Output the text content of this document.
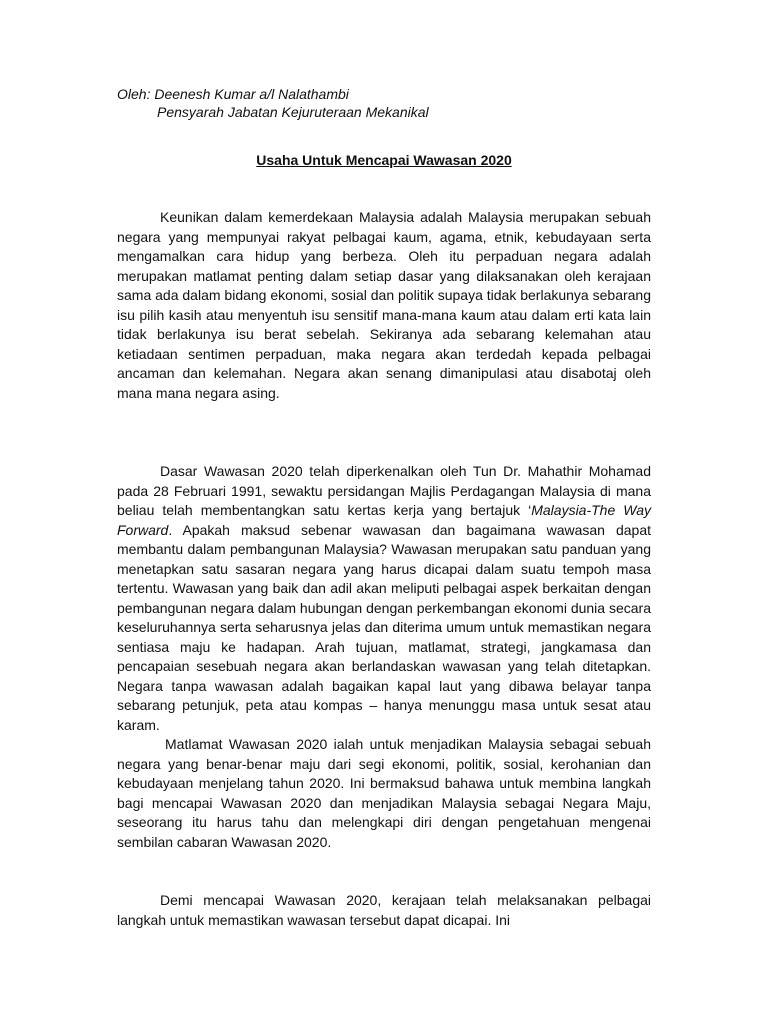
Oleh: Deenesh Kumar a/l Nalathambi
Pensyarah Jabatan Kejuruteraan Mekanikal
Usaha Untuk Mencapai Wawasan 2020

Keunikan dalam kemerdekaan Malaysia adalah Malaysia merupakan sebuah negara yang mempunyai rakyat pelbagai kaum, agama, etnik, kebudayaan serta mengamalkan cara hidup yang berbeza. Oleh itu perpaduan negara adalah merupakan matlamat penting dalam setiap dasar yang dilaksanakan oleh kerajaan sama ada dalam bidang ekonomi, sosial dan politik supaya tidak berlakunya sebarang isu pilih kasih atau menyentuh isu sensitif mana-mana kaum atau dalam erti kata lain tidak berlakunya isu berat sebelah. Sekiranya ada sebarang kelemahan atau ketiadaan sentimen perpaduan, maka negara akan terdedah kepada pelbagai ancaman dan kelemahan. Negara akan senang dimanipulasi atau disabotaj oleh mana mana negara asing.

Dasar Wawasan 2020 telah diperkenalkan oleh Tun Dr. Mahathir Mohamad pada 28 Februari 1991, sewaktu persidangan Majlis Perdagangan Malaysia di mana beliau telah membentangkan satu kertas kerja yang bertajuk ‘Malaysia-The Way Forward. Apakah maksud sebenar wawasan dan bagaimana wawasan dapat membantu dalam pembangunan Malaysia? Wawasan merupakan satu panduan yang menetapkan satu sasaran negara yang harus dicapai dalam suatu tempoh masa tertentu. Wawasan yang baik dan adil akan meliputi pelbagai aspek berkaitan dengan pembangunan negara dalam hubungan dengan perkembangan ekonomi dunia secara keseluruhannya serta seharusnya jelas dan diterima umum untuk memastikan negara sentiasa maju ke hadapan. Arah tujuan, matlamat, strategi, jangkamasa dan pencapaian sesebuah negara akan berlandaskan wawasan yang telah ditetapkan. Negara tanpa wawasan adalah bagaikan kapal laut yang dibawa belayar tanpa sebarang petunjuk, peta atau kompas – hanya menunggu masa untuk sesat atau karam.

Matlamat Wawasan 2020 ialah untuk menjadikan Malaysia sebagai sebuah negara yang benar-benar maju dari segi ekonomi, politik, sosial, kerohanian dan kebudayaan menjelang tahun 2020. Ini bermaksud bahawa untuk membina langkah bagi mencapai Wawasan 2020 dan menjadikan Malaysia sebagai Negara Maju, seseorang itu harus tahu dan melengkapi diri dengan pengetahuan mengenai sembilan cabaran Wawasan 2020.

Demi mencapai Wawasan 2020, kerajaan telah melaksanakan pelbagai langkah untuk memastikan wawasan tersebut dapat dicapai. Ini
